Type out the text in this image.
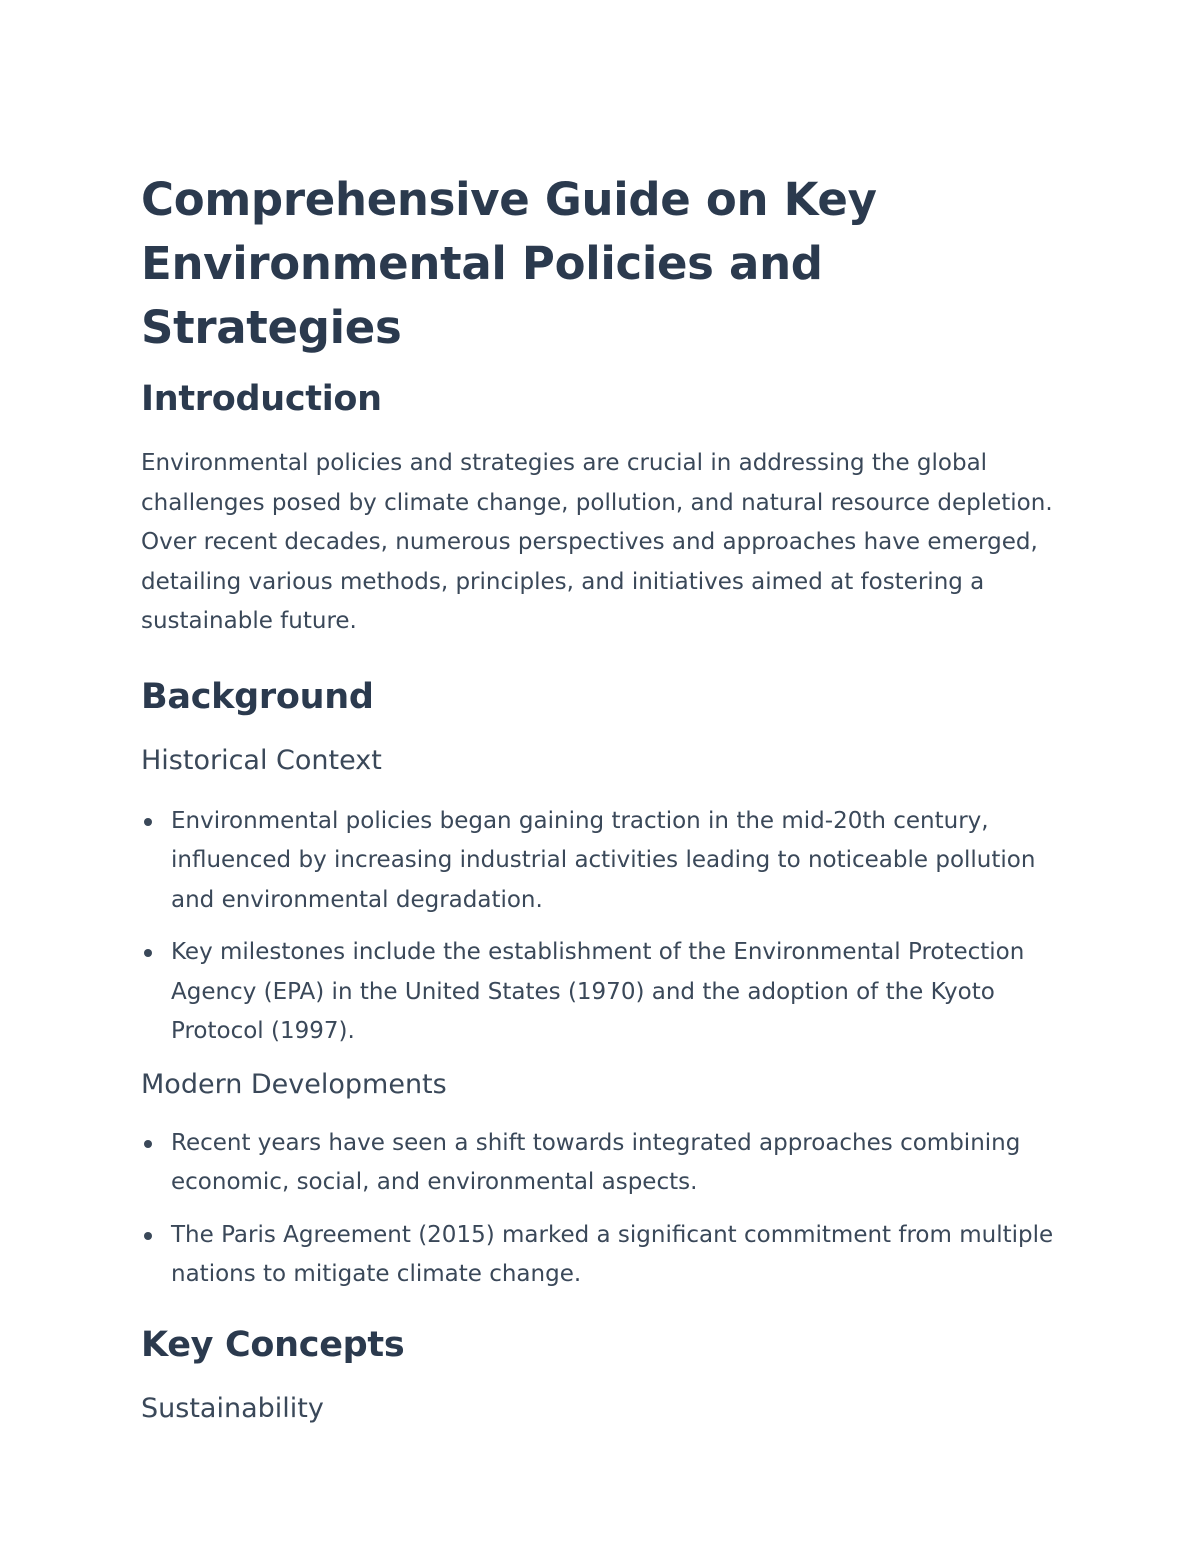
Comprehensive Guide on Key Environmental Policies and Strategies
Introduction

Environmental policies and strategies are crucial in addressing the global challenges posed by climate change, pollution, and natural resource depletion. Over recent decades, numerous perspectives and approaches have emerged, detailing various methods, principles, and initiatives aimed at fostering a sustainable future.

Background
Historical Context
Environmental policies began gaining traction in the mid-20th century, influenced by increasing industrial activities leading to noticeable pollution and environmental degradation.
Key milestones include the establishment of the Environmental Protection Agency (EPA) in the United States (1970) and the adoption of the Kyoto Protocol (1997).
Modern Developments
Recent years have seen a shift towards integrated approaches combining economic, social, and environmental aspects.
The Paris Agreement (2015) marked a significant commitment from multiple nations to mitigate climate change.
Key Concepts
Sustainability
